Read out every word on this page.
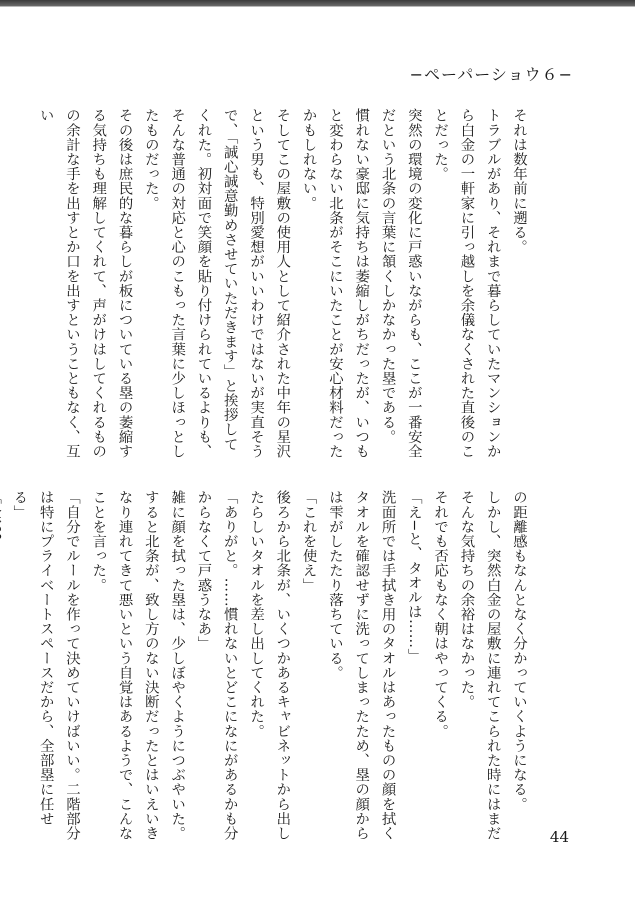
−ペーパーショウ６−

それは数年前に遡る。

トラブルがあり、それまで暮らしていたマンションから白金の一軒家に引っ越しを余儀なくされた直後のことだった。

突然の環境の変化に戸惑いながらも、ここが一番安全だという北条の言葉に頷くしかなかった塁である。

慣れない豪邸に気持ちは萎縮しがちだったが、いつもと変わらない北条がそこにいたことが安心材料だったかもしれない。

そしてこの屋敷の使用人として紹介された中年の星沢という男も、特別愛想がいいわけではないが実直そうで、「誠心誠意勤めさせていただきます」と挨拶してくれた。初対面で笑顔を貼り付けられているよりも、そんな普通の対応と心のこもった言葉に少しほっとしたものだった。

その後は庶民的な暮らしが板についている塁の萎縮する気持ちも理解してくれて、声がけはしてくれるものの余計な手を出すとか口を出すということもなく、互い

の距離感もなんとなく分かっていくようになる。

しかし、突然白金の屋敷に連れてこられた時にはまだそんな気持ちの余裕はなかった。

それでも否応もなく朝はやってくる。

「え−と、タオルは……」

洗面所では手拭き用のタオルはあったものの顔を拭くタオルを確認せずに洗ってしまったため、塁の顔からは雫がしたたり落ちている。

「これを使え」

後ろから北条が、いくつかあるキャビネットから出したらしいタオルを差し出してくれた。

「ありがと。……慣れないとどこになにがあるかも分からなくて戸惑うなあ」

雑に顔を拭った塁は、少しぼやくようにつぶやいた。すると北条が、致し方のない決断だったとはいえいきなり連れてきて悪いという自覚はあるようで、こんなことを言った。

「自分でルールを作って決めていけばいい。二階部分は特にプライベートスペースだから、全部塁に任せる」

44
